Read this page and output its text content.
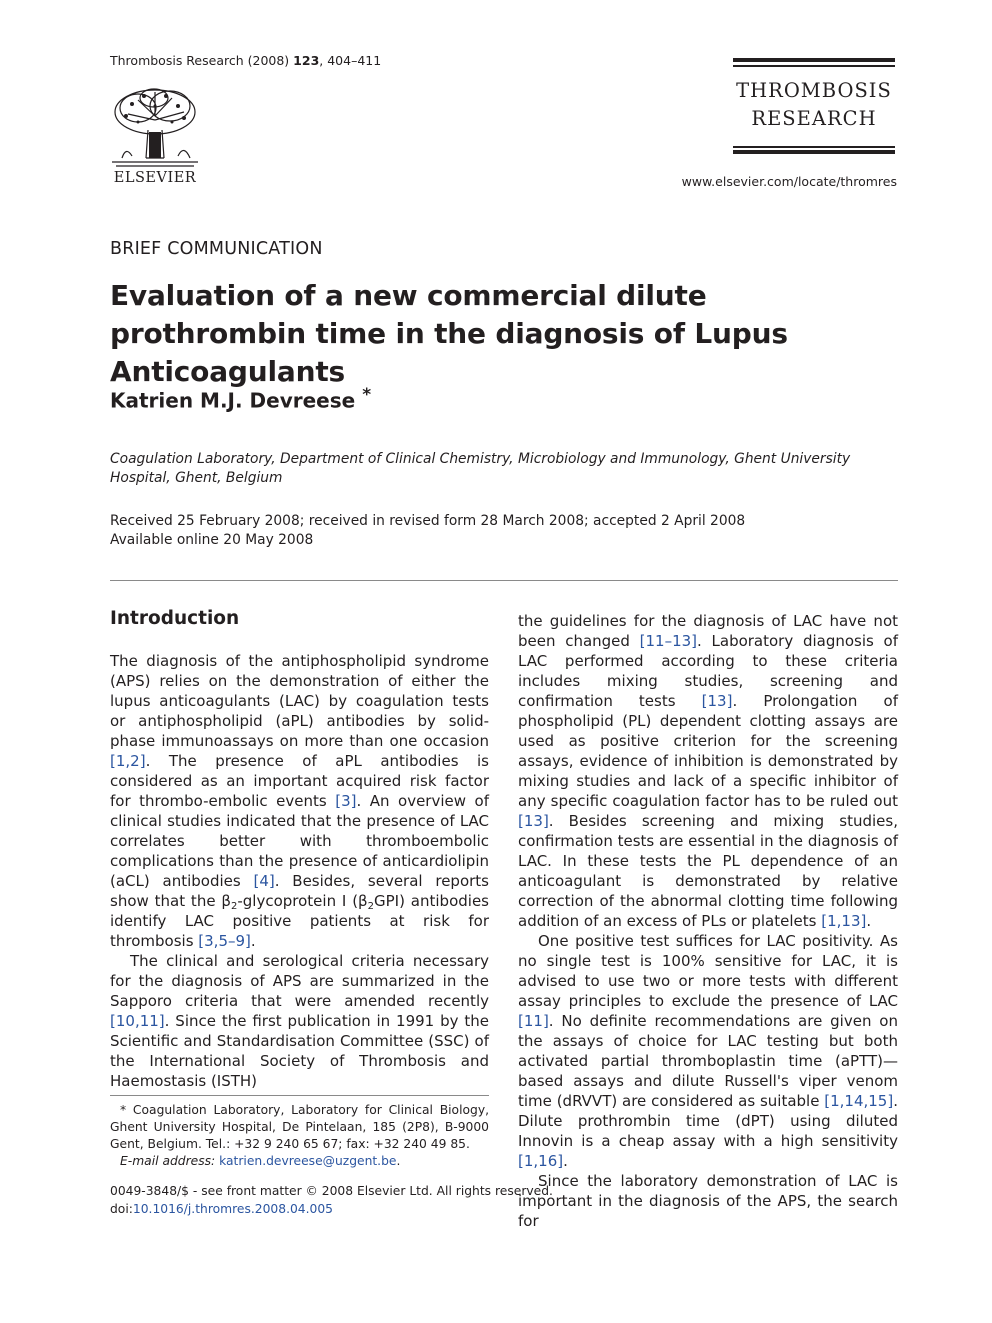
Thrombosis Research (2008) 123, 404–411
ELSEVIER
THROMBOSIS
RESEARCH
www.elsevier.com/locate/thromres
BRIEF COMMUNICATION
Evaluation of a new commercial dilute prothrombin time in the diagnosis of Lupus Anticoagulants
Katrien M.J. Devreese *
Coagulation Laboratory, Department of Clinical Chemistry, Microbiology and Immunology, Ghent University Hospital, Ghent, Belgium
Received 25 February 2008; received in revised form 28 March 2008; accepted 2 April 2008
Available online 20 May 2008
Introduction

The diagnosis of the antiphospholipid syndrome (APS) relies on the demonstration of either the lupus anticoagulants (LAC) by coagulation tests or antiphospholipid (aPL) antibodies by solid-phase immunoassays on more than one occasion [1,2]. The presence of aPL antibodies is considered as an important acquired risk factor for thrombo-embolic events [3]. An overview of clinical studies indicated that the presence of LAC correlates better with thromboembolic complications than the presence of anticardiolipin (aCL) antibodies [4]. Besides, several reports show that the $\beta_2$-glycoprotein I $(\beta_2GPI)$ antibodies identify LAC positive patients at risk for thrombosis [3,5–9].

The clinical and serological criteria necessary for the diagnosis of APS are summarized in the Sapporo criteria that were amended recently [10,11]. Since the first publication in 1991 by the Scientific and Standardisation Committee (SSC) of the International Society of Thrombosis and Haemostasis (ISTH)

the guidelines for the diagnosis of LAC have not been changed [11–13]. Laboratory diagnosis of LAC performed according to these criteria includes mixing studies, screening and confirmation tests [13]. Prolongation of phospholipid (PL) dependent clotting assays are used as positive criterion for the screening assays, evidence of inhibition is demonstrated by mixing studies and lack of a specific inhibitor of any specific coagulation factor has to be ruled out [13]. Besides screening and mixing studies, confirmation tests are essential in the diagnosis of LAC. In these tests the PL dependence of an anticoagulant is demonstrated by relative correction of the abnormal clotting time following addition of an excess of PLs or platelets [1,13].

One positive test suffices for LAC positivity. As no single test is 100% sensitive for LAC, it is advised to use two or more tests with different assay principles to exclude the presence of LAC [11]. No definite recommendations are given on the assays of choice for LAC testing but both activated partial thromboplastin time (aPTT)—based assays and dilute Russell's viper venom time (dRVVT) are considered as suitable [1,14,15]. Dilute prothrombin time (dPT) using diluted Innovin is a cheap assay with a high sensitivity [1,16].

Since the laboratory demonstration of LAC is important in the diagnosis of the APS, the search for

* Coagulation Laboratory, Laboratory for Clinical Biology, Ghent University Hospital, De Pintelaan, 185 (2P8), B-9000 Gent, Belgium. Tel.: +32 9 240 65 67; fax: +32 240 49 85.

E-mail address: katrien.devreese@uzgent.be.

0049-3848/$ - see front matter © 2008 Elsevier Ltd. All rights reserved.
doi:10.1016/j.thromres.2008.04.005
